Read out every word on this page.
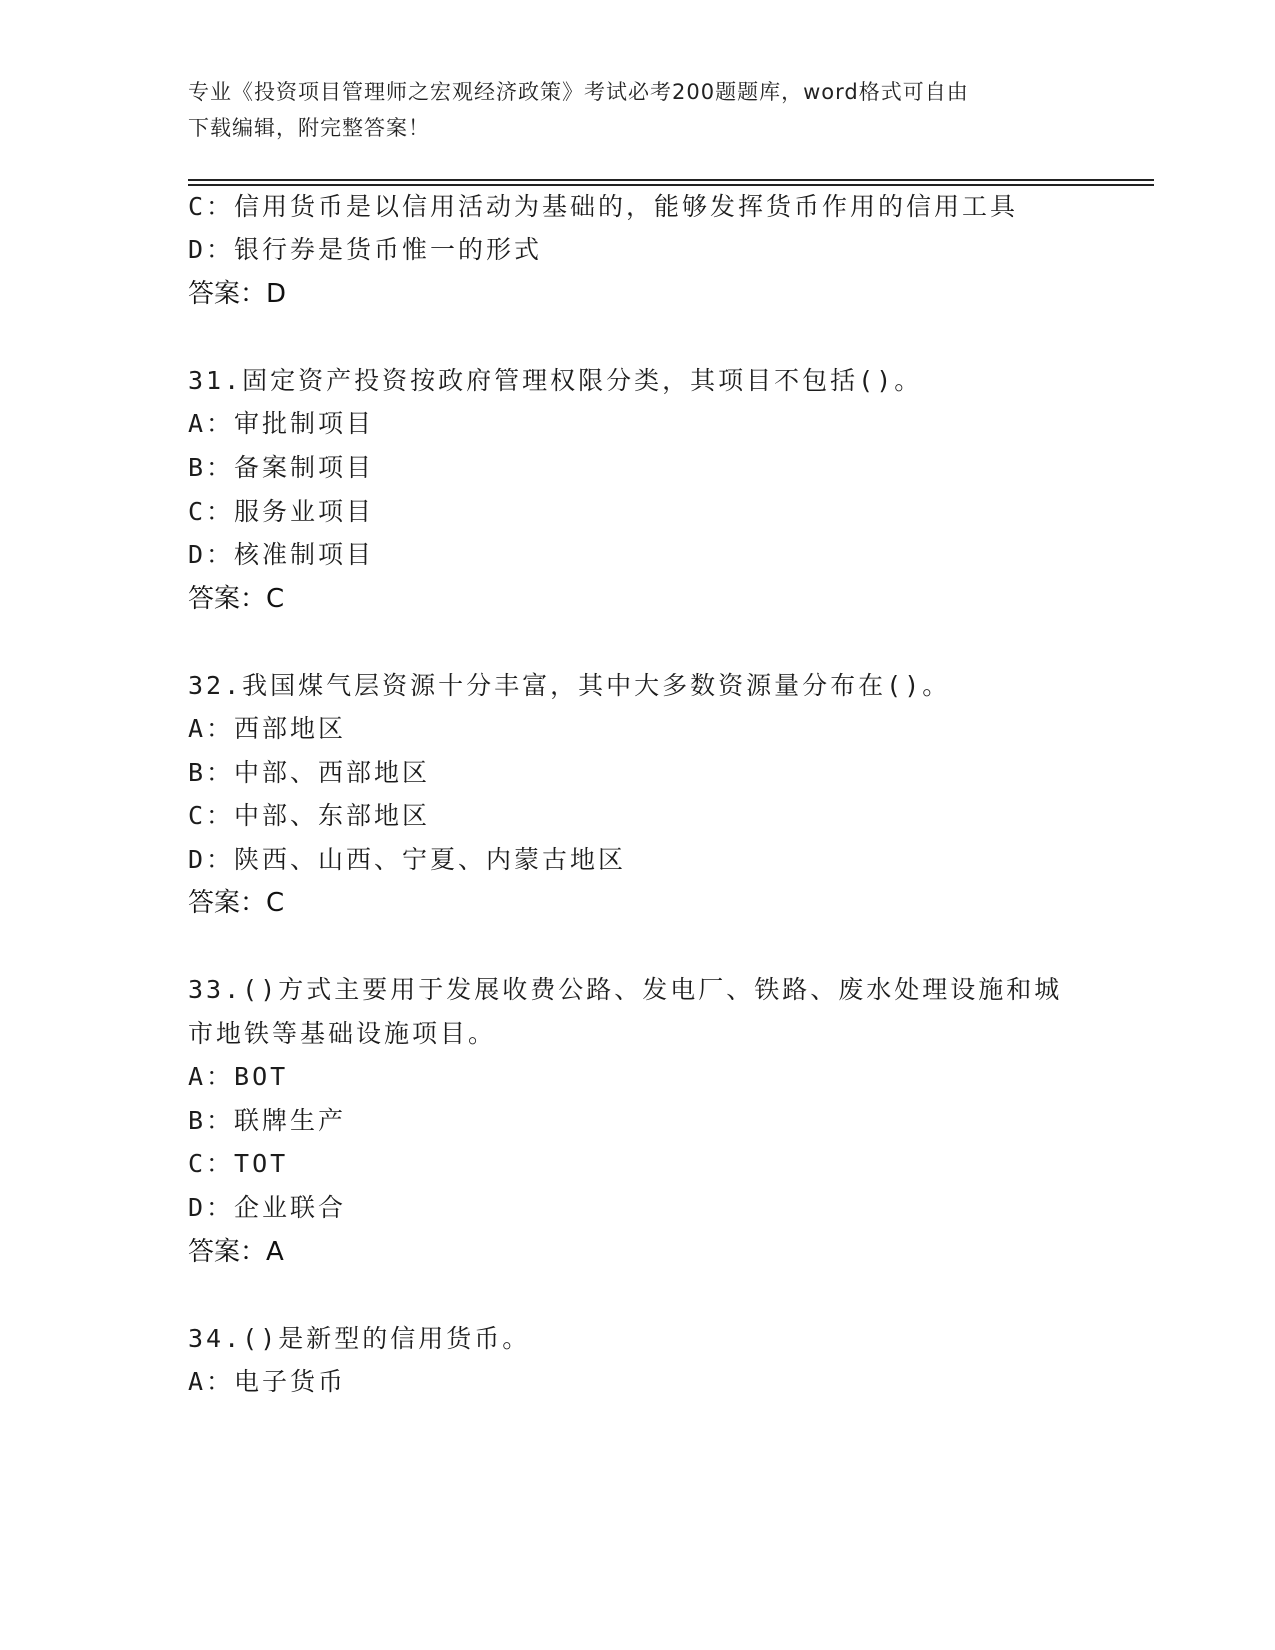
专业《投资项目管理师之宏观经济政策》考试必考200题题库，word格式可自由
下载编辑，附完整答案！
C：信用货币是以信用活动为基础的，能够发挥货币作用的信用工具
D：银行券是货币惟一的形式
答案：D
31.固定资产投资按政府管理权限分类，其项目不包括()。
A：审批制项目
B：备案制项目
C：服务业项目
D：核准制项目
答案：C
32.我国煤气层资源十分丰富，其中大多数资源量分布在()。
A：西部地区
B：中部、西部地区
C：中部、东部地区
D：陕西、山西、宁夏、内蒙古地区
答案：C
33.()方式主要用于发展收费公路、发电厂、铁路、废水处理设施和城
市地铁等基础设施项目。
A：BOT
B：联牌生产
C：TOT
D：企业联合
答案：A
34.()是新型的信用货币。
A：电子货币
